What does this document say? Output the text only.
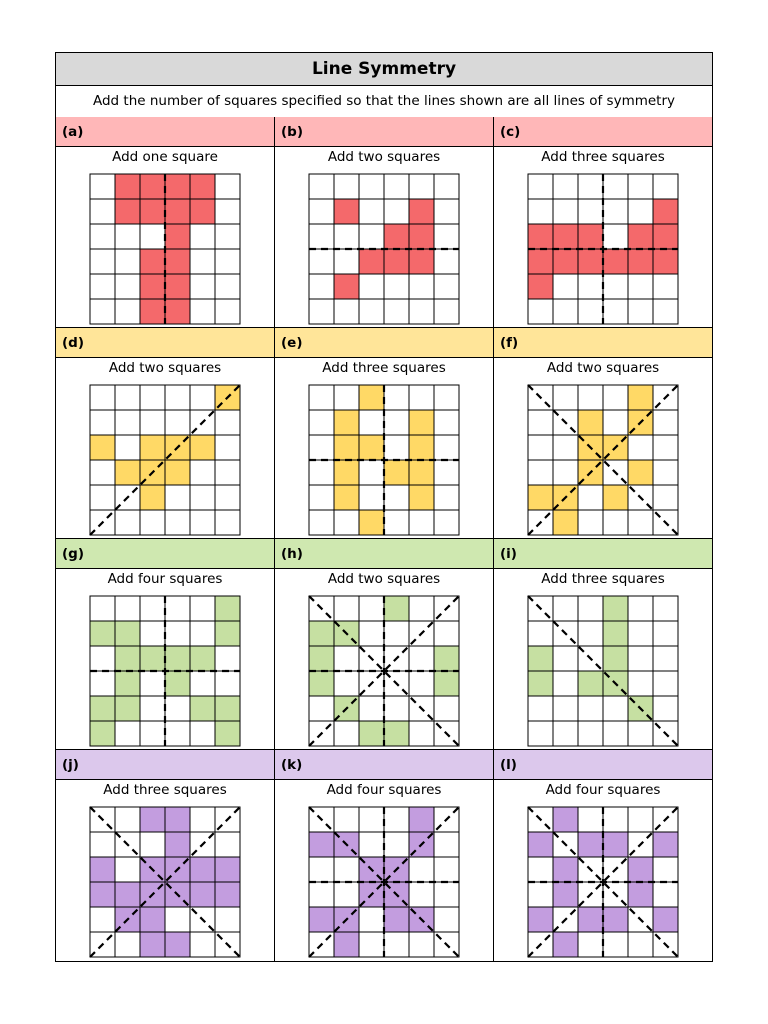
Line Symmetry
Add the number of squares specified so that the lines shown are all lines of symmetry
(a)
Add one square
(b)
Add two squares
(c)
Add three squares
(d)
Add two squares
(e)
Add three squares
(f)
Add two squares
(g)
Add four squares
(h)
Add two squares
(i)
Add three squares
(j)
Add three squares
(k)
Add four squares
(l)
Add four squares
